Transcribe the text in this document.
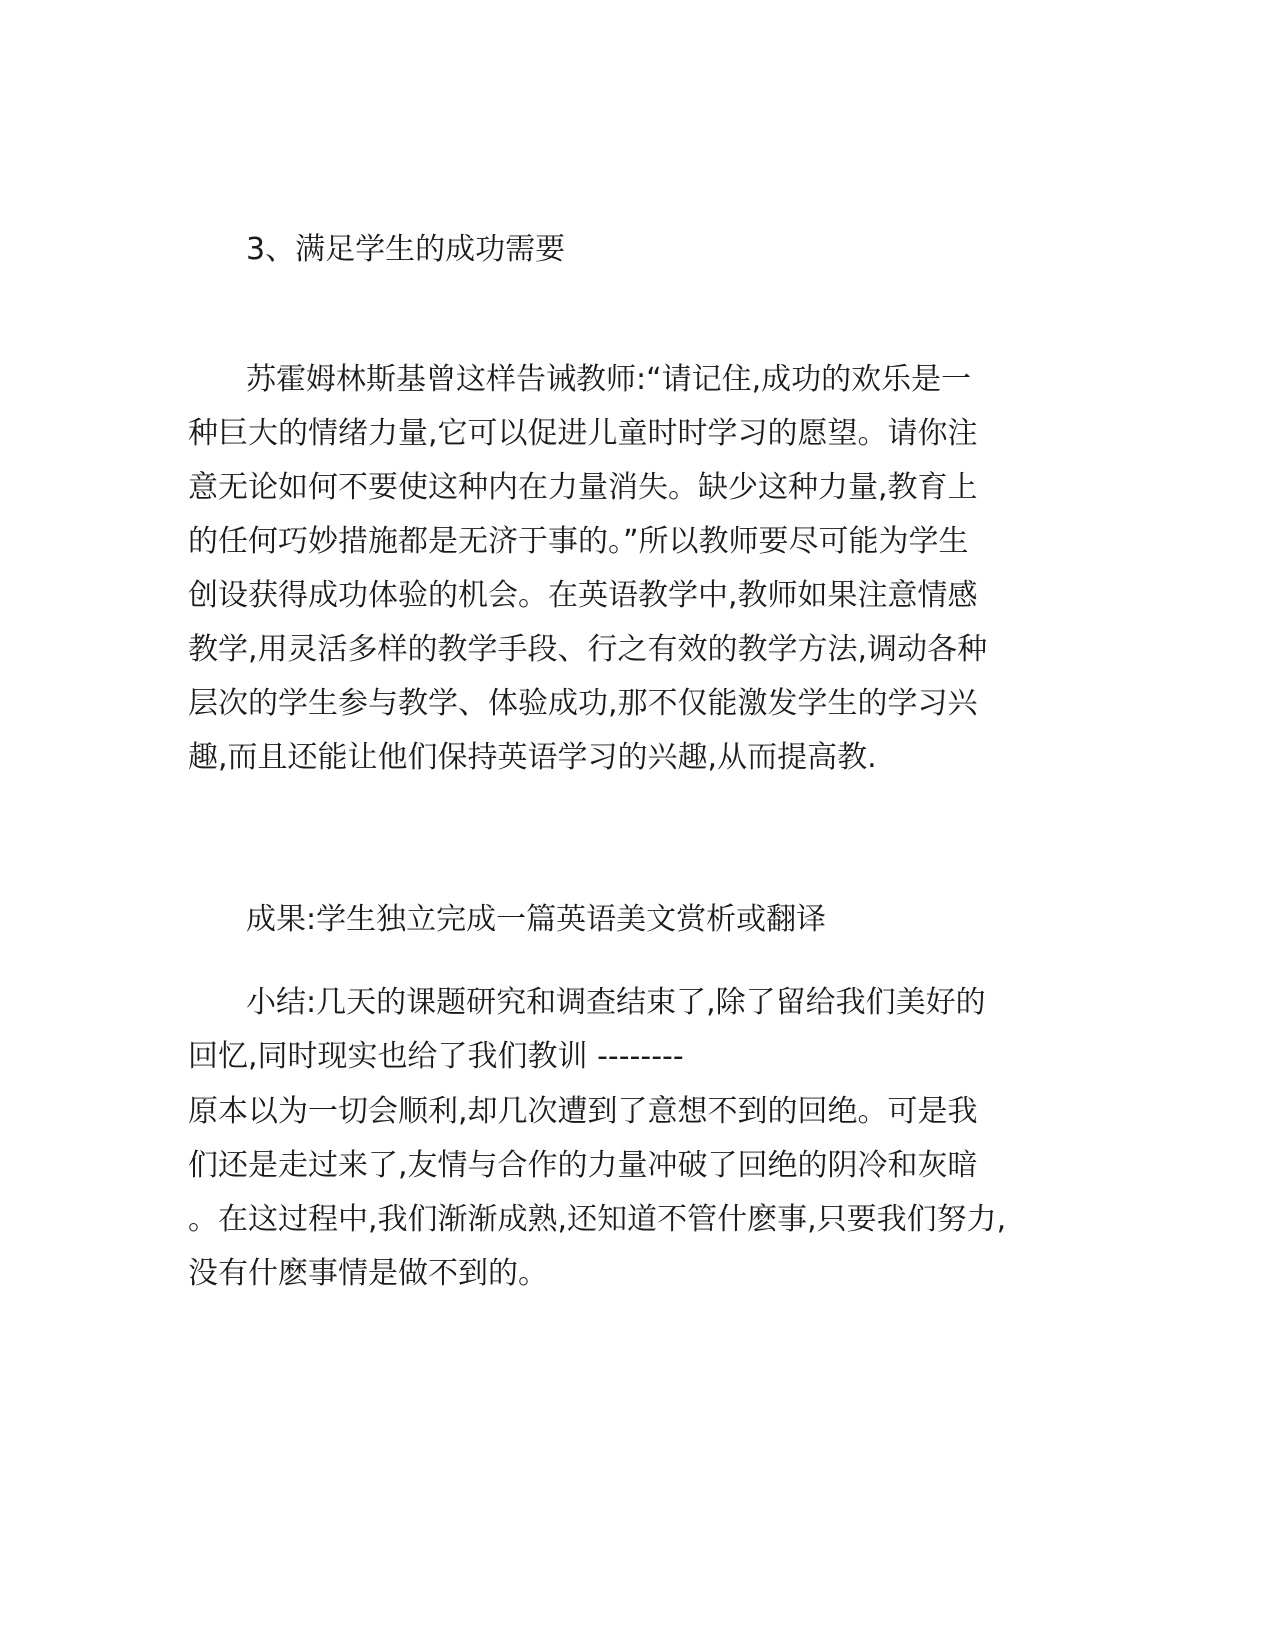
3、满足学生的成功需要
苏霍姆林斯基曾这样告诫教师:“请记住,成功的欢乐是一
种巨大的情绪力量,它可以促进儿童时时学习的愿望。请你注
意无论如何不要使这种内在力量消失。缺少这种力量,教育上
的任何巧妙措施都是无济于事的。”所以教师要尽可能为学生
创设获得成功体验的机会。在英语教学中,教师如果注意情感
教学,用灵活多样的教学手段、行之有效的教学方法,调动各种
层次的学生参与教学、体验成功,那不仅能激发学生的学习兴
趣,而且还能让他们保持英语学习的兴趣,从而提高教.
成果:学生独立完成一篇英语美文赏析或翻译
小结:几天的课题研究和调查结束了,除了留给我们美好的
回忆,同时现实也给了我们教训 --------
原本以为一切会顺利,却几次遭到了意想不到的回绝。可是我
们还是走过来了,友情与合作的力量冲破了回绝的阴冷和灰暗
。在这过程中,我们渐渐成熟,还知道不管什麽事,只要我们努力,
没有什麽事情是做不到的。
